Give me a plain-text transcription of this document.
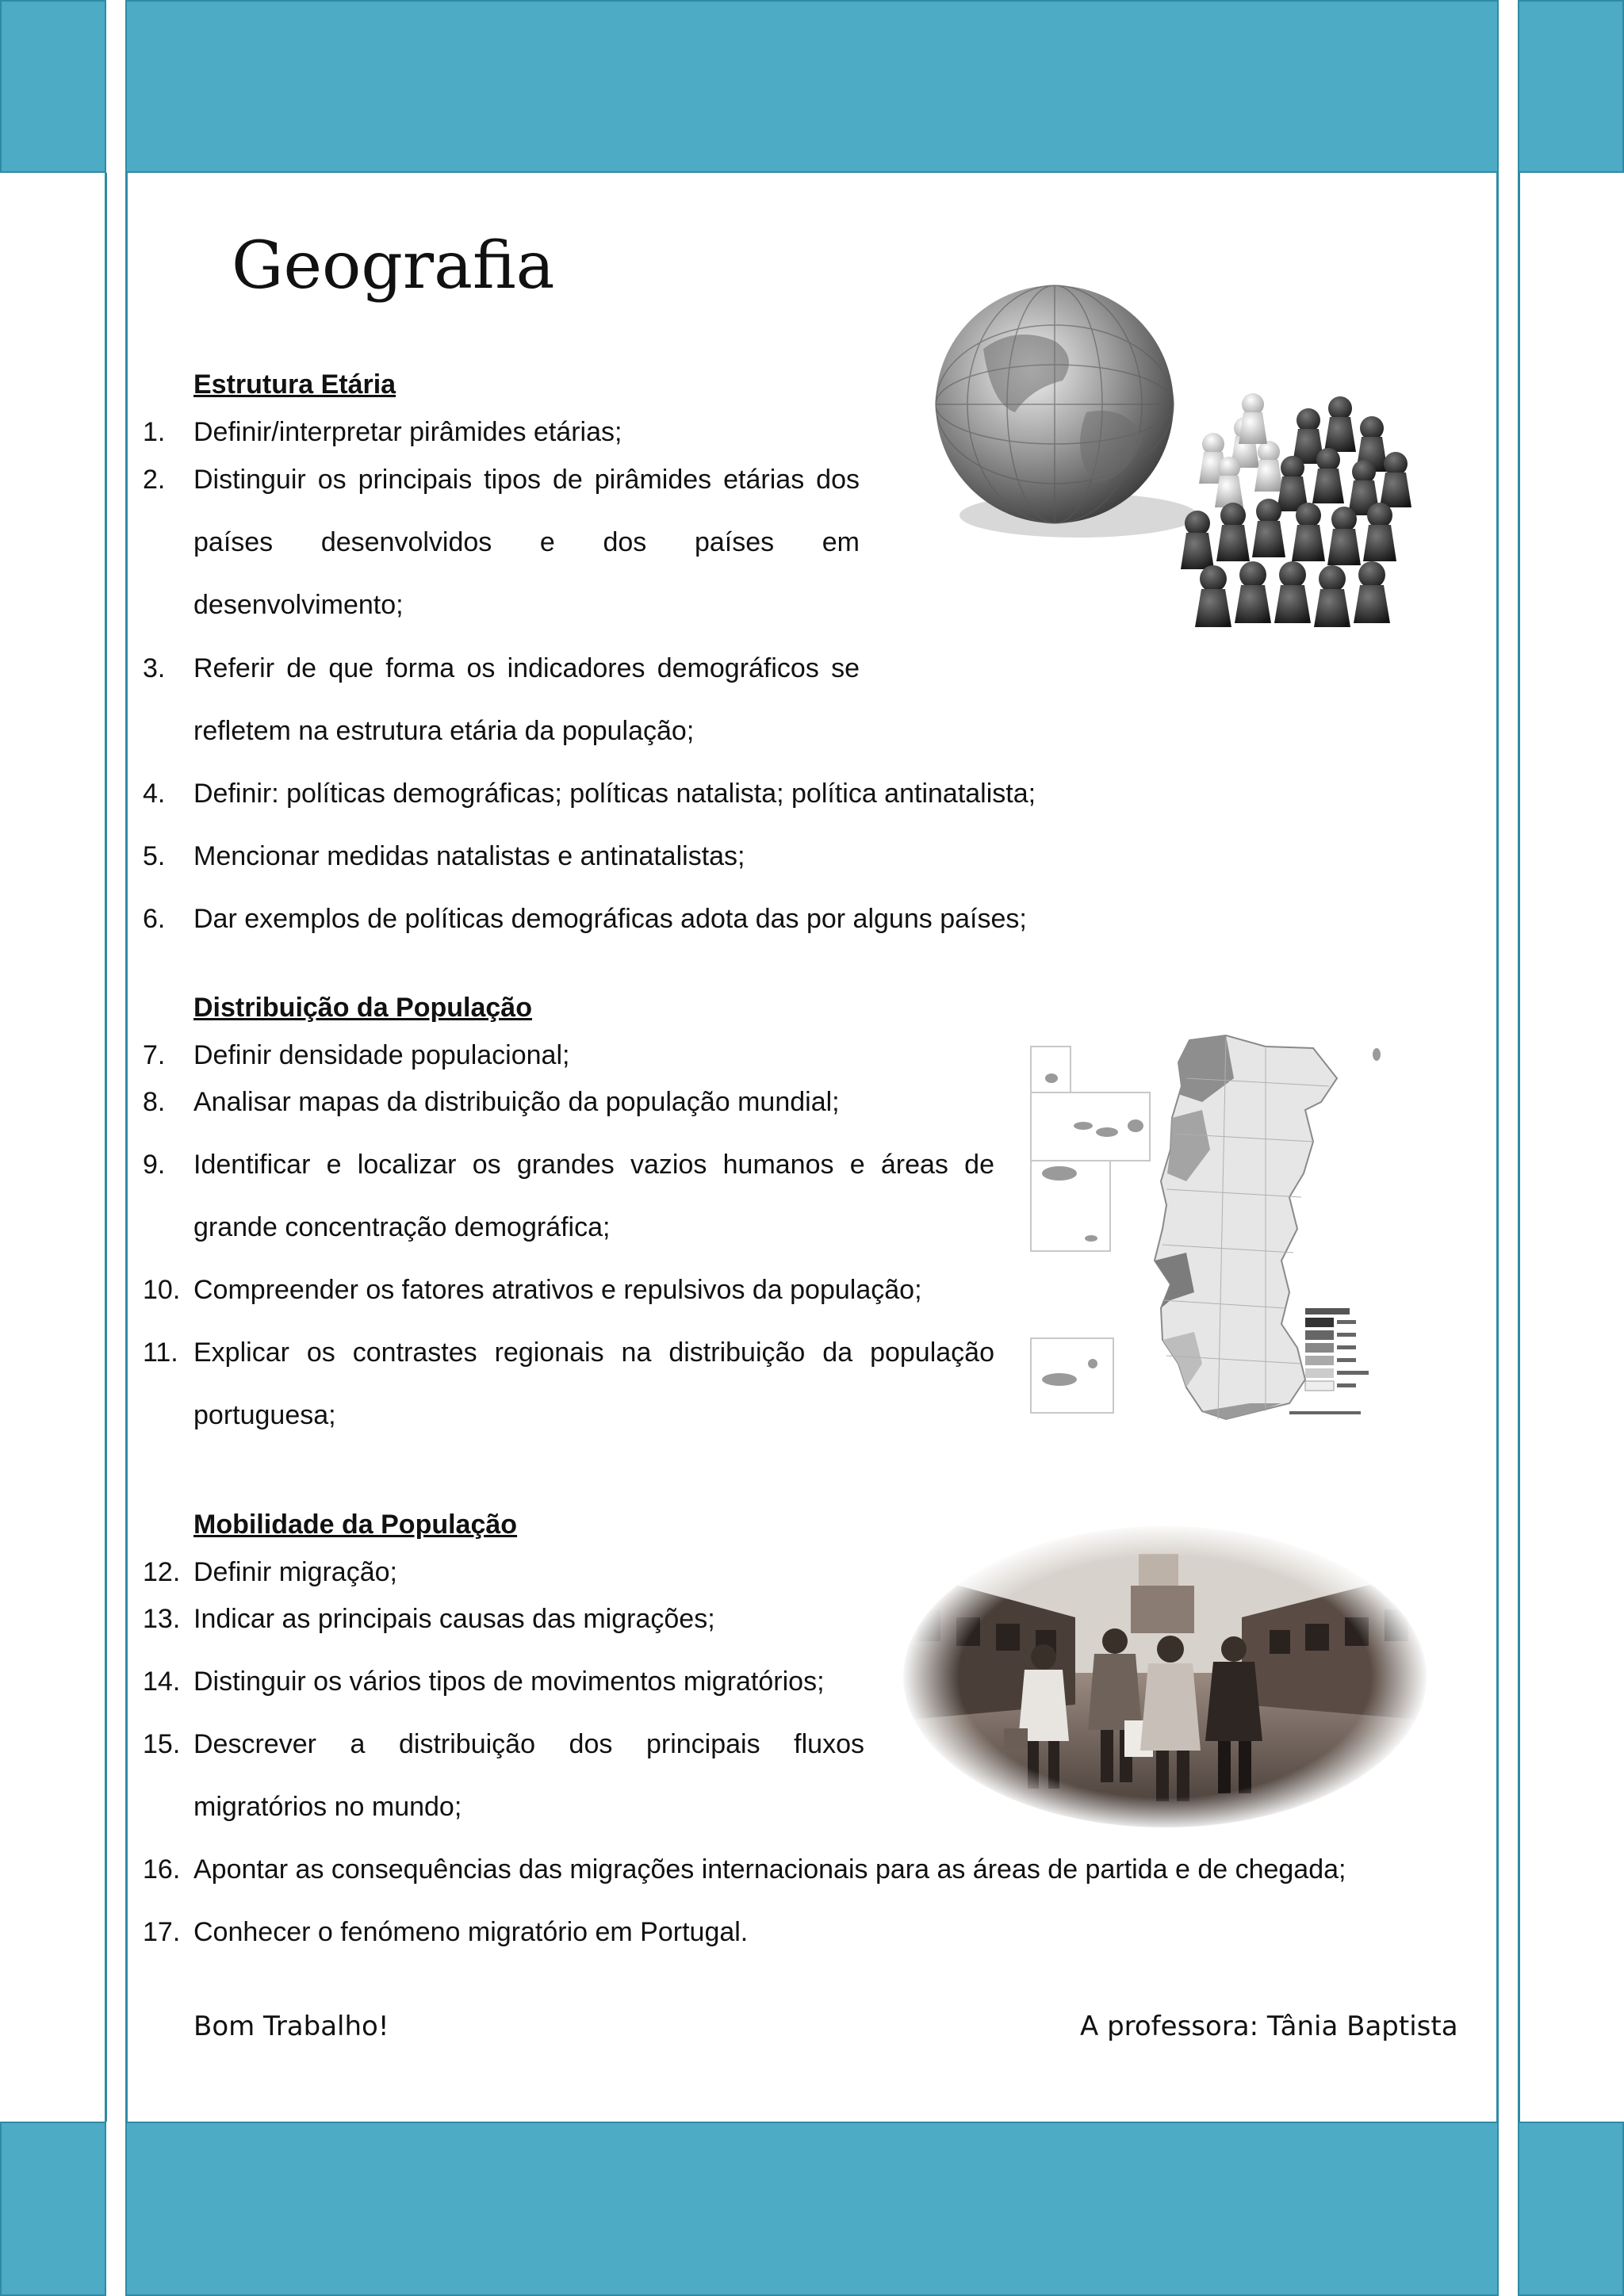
Geografia
Estrutura Etária
1.	Definir/interpretar pirâmides etárias;
2.	Distinguir os principais tipos de pirâmides etárias dos países desenvolvidos e dos países em desenvolvimento;
3.	Referir de que forma os indicadores demográficos se refletem na estrutura etária da população;
4.	Definir: políticas demográficas; políticas natalista; política antinatalista;
5.	Mencionar medidas natalistas e antinatalistas;
6.	Dar exemplos de políticas demográficas adota das por alguns países;
Distribuição da População
7.	Definir densidade populacional;
8.	Analisar mapas da distribuição da população mundial;
9.	Identificar e localizar os grandes vazios humanos e áreas de grande concentração demográfica;
10. Compreender os fatores atrativos e repulsivos da população;
11. Explicar os contrastes regionais na distribuição da população portuguesa;
Mobilidade da População
12. Definir migração;
13. Indicar as principais causas das migrações;
14. Distinguir os vários tipos de movimentos migratórios;
15. Descrever a distribuição dos principais fluxos migratórios no mundo;
16. Apontar as consequências das migrações internacionais para as áreas de partida e de chegada;
17. Conhecer o fenómeno migratório em Portugal.
Bom Trabalho!	A professora: Tânia Baptista
